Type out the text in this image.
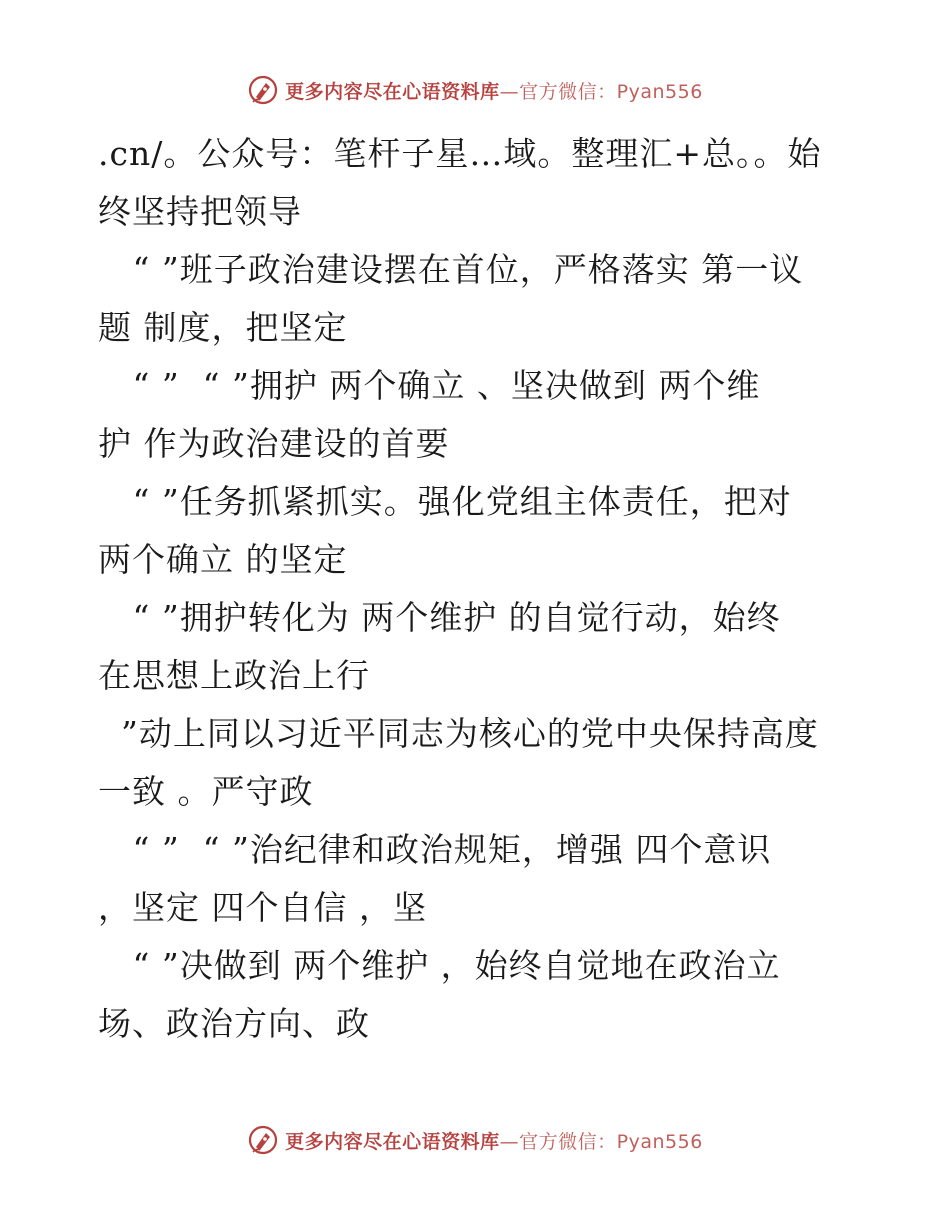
更多内容尽在心语资料库—官方微信：Pyan556
.cn/。公众号：笔杆子星…域。整理汇+总。。始
终坚持把领导
“ ”班子政治建设摆在首位，严格落实 第一议
题 制度，把坚定
“ ”  “ ”拥护 两个确立 、坚决做到 两个维
护 作为政治建设的首要
“ ”任务抓紧抓实。强化党组主体责任，把对
两个确立 的坚定
“ ”拥护转化为 两个维护 的自觉行动，始终
在思想上政治上行
”动上同以习近平同志为核心的党中央保持高度
一致 。严守政
“ ”  “ ”治纪律和政治规矩，增强 四个意识
，坚定 四个自信 ，坚
“ ”决做到 两个维护 ，始终自觉地在政治立
场、政治方向、政
更多内容尽在心语资料库—官方微信：Pyan556
